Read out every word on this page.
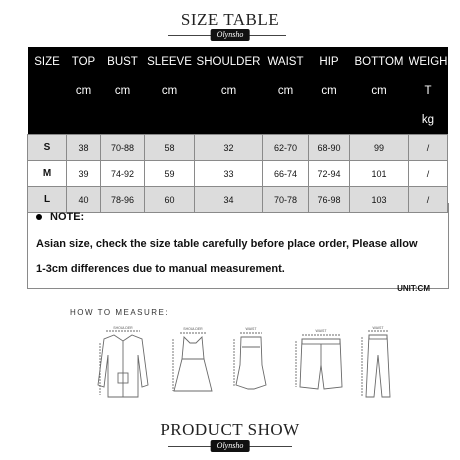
SIZE TABLE
Olynsho
SIZE	TOP	BUST	SLEEVE	SHOULDER	WAIST	HIP	BOTTOM	WEIGH
	cm	cm	cm	cm	cm	cm	cm	T
								kg
S	38	70-88	58	32	62-70	68-90	99	/
M	39	74-92	59	33	66-74	72-94	101	/
L	40	78-96	60	34	70-78	76-98	103	/
NOTE:
Asian size, check the size table carefully before place order, Please allow
1-3cm differences due to manual measurement.
UNIT:CM
HOW TO MEASURE:
SHOULDER	SHOULDER	WAIST	WAIST
WAIST
PRODUCT SHOW
Olynsho
